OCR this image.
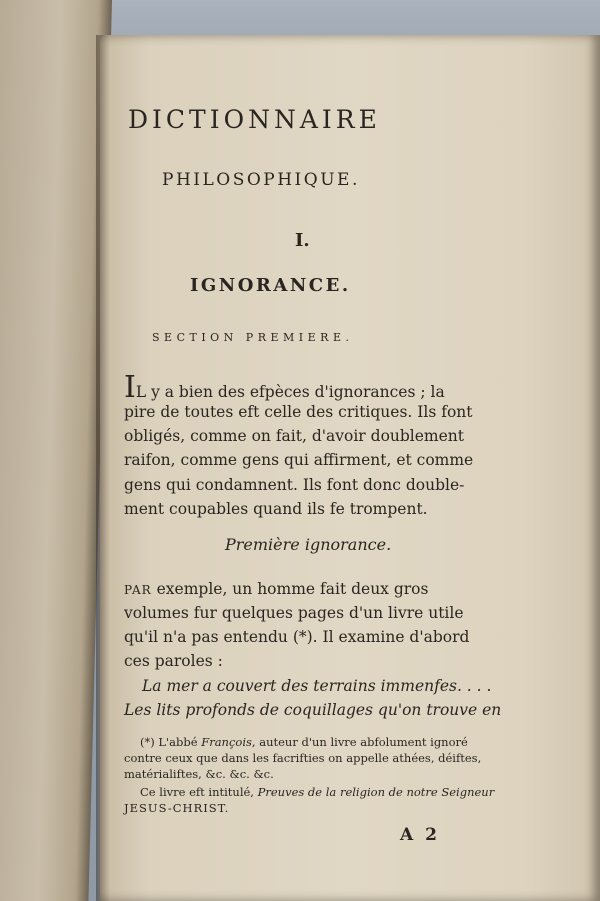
DICTIONNAIRE
PHILOSOPHIQUE.
I.
IGNORANCE.
SECTION PREMIERE.
IL y a bien des efpèces d'ignorances ; la
pire de toutes eft celle des critiques. Ils font
obligés, comme on fait, d'avoir doublement
raifon, comme gens qui affirment, et comme
gens qui condamnent. Ils font donc double-
ment coupables quand ils fe trompent.
Première ignorance.
PAR exemple, un homme fait deux gros
volumes fur quelques pages d'un livre utile
qu'il n'a pas entendu (*). Il examine d'abord
ces paroles :
La mer a couvert des terrains immenfes. . . .
Les lits profonds de coquillages qu'on trouve en
(*) L'abbé François, auteur d'un livre abfolument ignoré
contre ceux que dans les facrifties on appelle athées, déiftes,
matérialiftes, &c. &c. &c.
Ce livre eft intitulé, Preuves de la religion de notre Seigneur
JESUS-CHRIST.
A 2
